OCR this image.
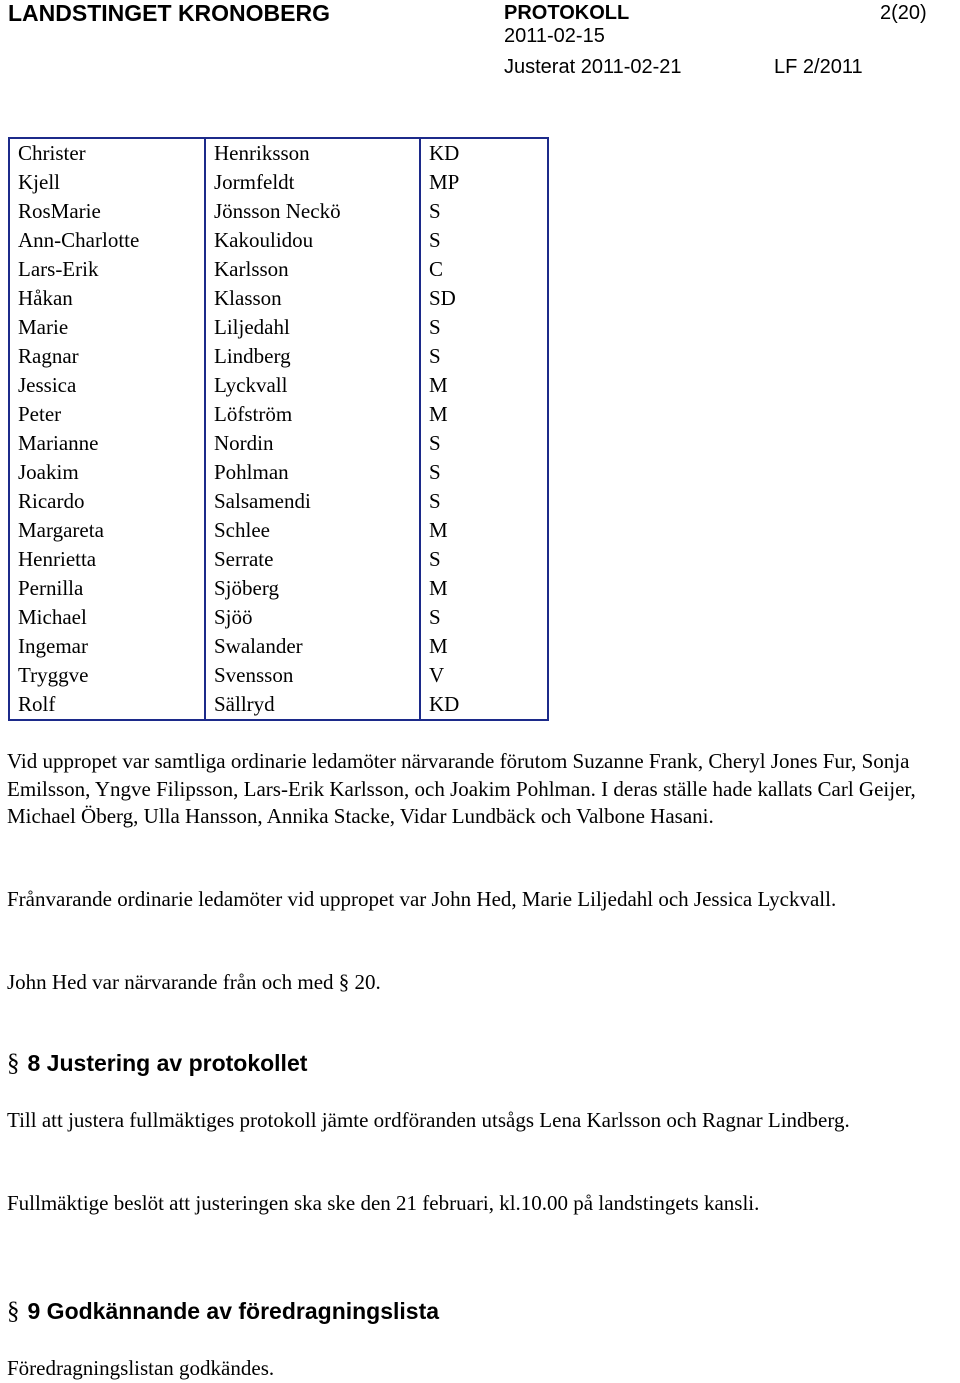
LANDSTINGET KRONOBERG	PROTOKOLL	2(20)
2011-02-15
Justerat 2011-02-21	LF 2/2011
Christer	Henriksson	KD
Kjell	Jormfeldt	MP
RosMarie	Jönsson Neckö	S
Ann-Charlotte	Kakoulidou	S
Lars-Erik	Karlsson	C
Håkan	Klasson	SD
Marie	Liljedahl	S
Ragnar	Lindberg	S
Jessica	Lyckvall	M
Peter	Löfström	M
Marianne	Nordin	S
Joakim	Pohlman	S
Ricardo	Salsamendi	S
Margareta	Schlee	M
Henrietta	Serrate	S
Pernilla	Sjöberg	M
Michael	Sjöö	S
Ingemar	Swalander	M
Tryggve	Svensson	V
Rolf	Sällryd	KD
Vid uppropet var samtliga ordinarie ledamöter närvarande förutom Suzanne Frank, Cheryl Jones Fur, Sonja Emilsson, Yngve Filipsson, Lars-Erik Karlsson, och Joakim Pohlman. I deras ställe hade kallats Carl Geijer, Michael Öberg, Ulla Hansson, Annika Stacke, Vidar Lundbäck och Valbone Hasani.
Frånvarande ordinarie ledamöter vid uppropet var John Hed, Marie Liljedahl och Jessica Lyckvall.
John Hed var närvarande från och med § 20.
§ 8 Justering av protokollet
Till att justera fullmäktiges protokoll jämte ordföranden utsågs Lena Karlsson och Ragnar Lindberg.
Fullmäktige beslöt att justeringen ska ske den 21 februari, kl.10.00 på landstingets kansli.
§ 9 Godkännande av föredragningslista
Föredragningslistan godkändes.
